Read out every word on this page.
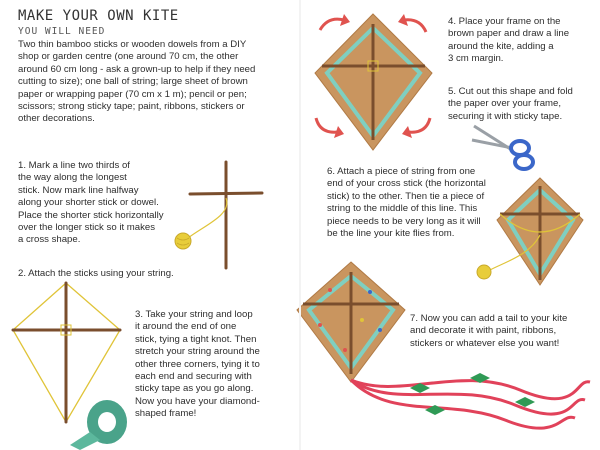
MAKE YOUR OWN KITE
YOU WILL NEED
Two thin bamboo sticks or wooden dowels from a DIY
shop or garden centre (one around 70 cm, the other
around 60 cm long - ask a grown-up to help if they need
cutting to size); one ball of string; large sheet of brown
paper or wrapping paper (70 cm x 1 m); pencil or pen;
scissors; strong sticky tape; paint, ribbons, stickers or
other decorations.
1. Mark a line two thirds of
the way along the longest
stick. Now mark line halfway
along your shorter stick or dowel.
Place the shorter stick horizontally
over the longer stick so it makes
a cross shape.
2. Attach the sticks using your string.
3. Take your string and loop
it around the end of one
stick, tying a tight knot. Then
stretch your string around the
other three corners, tying it to
each end and securing with
sticky tape as you go along.
Now you have your diamond-
shaped frame!
4. Place your frame on the
brown paper and draw a line
around the kite, adding a
3 cm margin.
5. Cut out this shape and fold
the paper over your frame,
securing it with sticky tape.
6. Attach a piece of string from one
end of your cross stick (the horizontal
stick) to the other. Then tie a piece of
string to the middle of this line. This
piece needs to be very long as it will
be the line your kite flies from.
7. Now you can add a tail to your kite
and decorate it with paint, ribbons,
stickers or whatever else you want!
